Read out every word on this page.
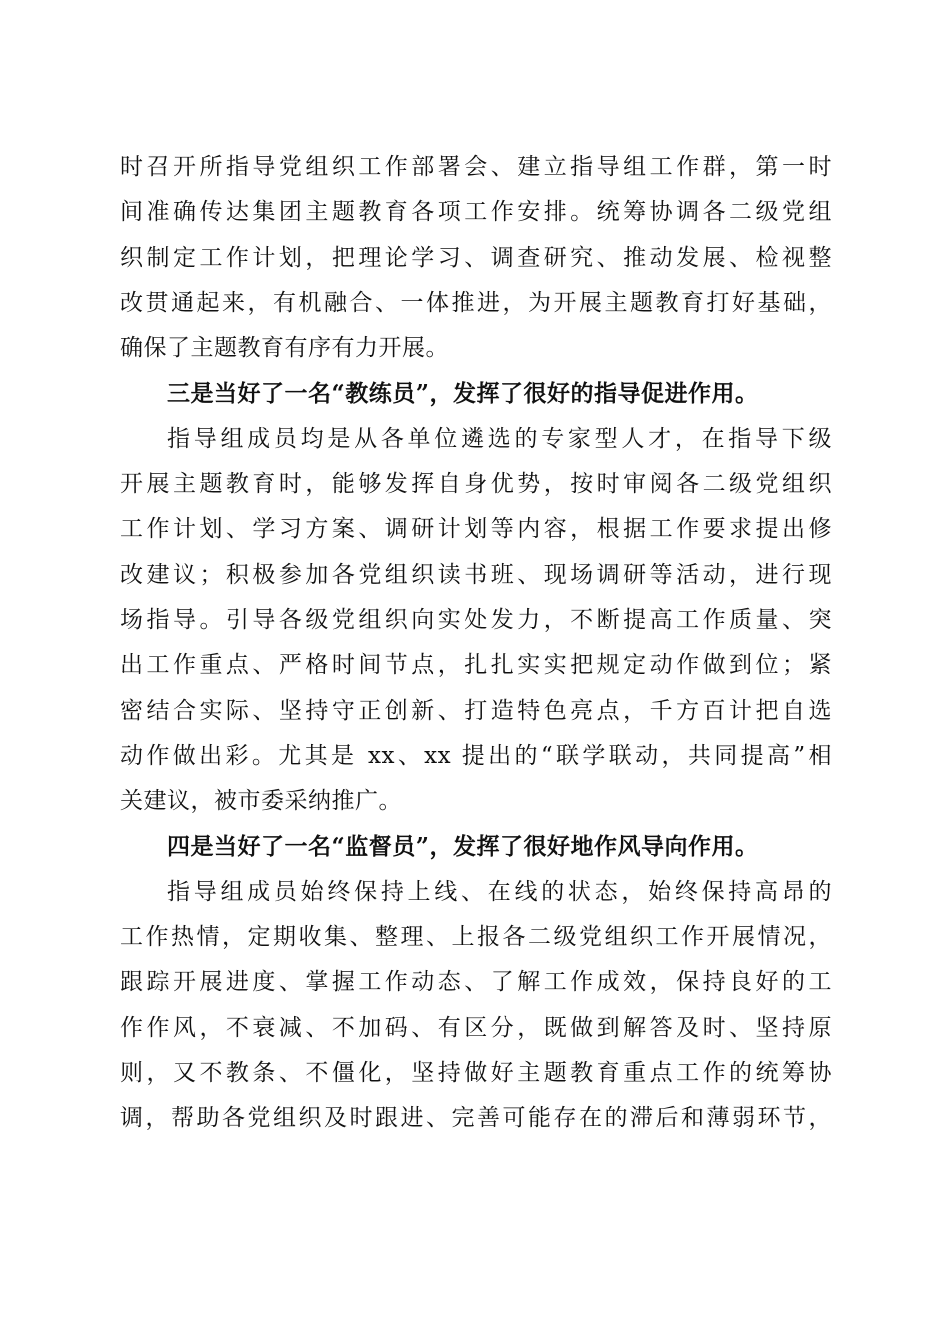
时召开所指导党组织工作部署会、建立指导组工作群，第一时
间准确传达集团主题教育各项工作安排。统筹协调各二级党组
织制定工作计划，把理论学习、调查研究、推动发展、检视整
改贯通起来，有机融合、一体推进，为开展主题教育打好基础，
确保了主题教育有序有力开展。
三是当好了一名“教练员”，发挥了很好的指导促进作用。
指导组成员均是从各单位遴选的专家型人才，在指导下级
开展主题教育时，能够发挥自身优势，按时审阅各二级党组织
工作计划、学习方案、调研计划等内容，根据工作要求提出修
改建议；积极参加各党组织读书班、现场调研等活动，进行现
场指导。引导各级党组织向实处发力，不断提高工作质量、突
出工作重点、严格时间节点，扎扎实实把规定动作做到位；紧
密结合实际、坚持守正创新、打造特色亮点，千方百计把自选
动作做出彩。尤其是 xx、xx 提出的“联学联动，共同提高”相
关建议，被市委采纳推广。
四是当好了一名“监督员”，发挥了很好地作风导向作用。
指导组成员始终保持上线、在线的状态，始终保持高昂的
工作热情，定期收集、整理、上报各二级党组织工作开展情况，
跟踪开展进度、掌握工作动态、了解工作成效，保持良好的工
作作风，不衰减、不加码、有区分，既做到解答及时、坚持原
则，又不教条、不僵化，坚持做好主题教育重点工作的统筹协
调，帮助各党组织及时跟进、完善可能存在的滞后和薄弱环节，
